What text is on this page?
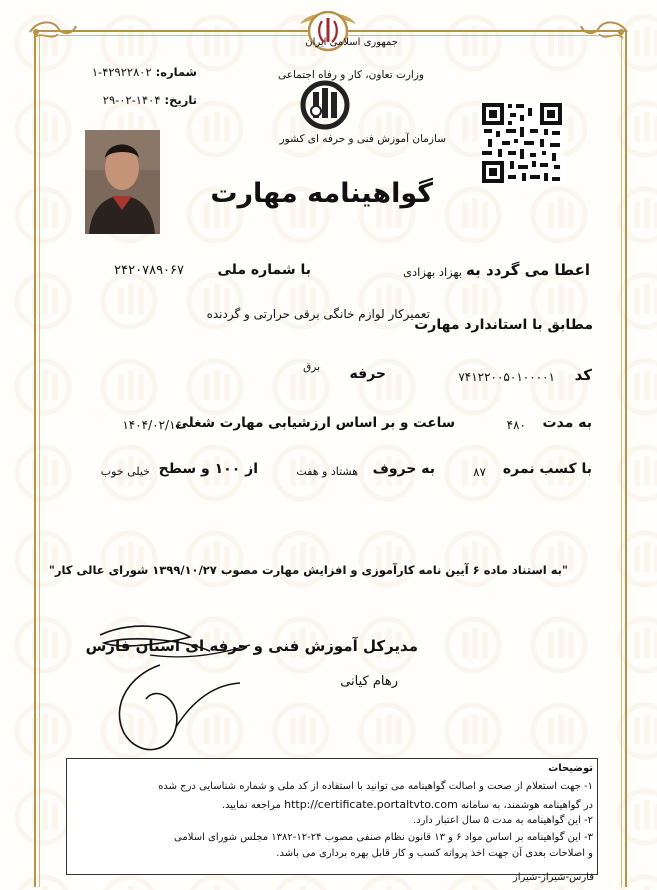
جمهوری اسلامی ایران
وزارت تعاون، کار و رفاه اجتماعی
شماره: ۴۲۹۲۲۸۰۲-۱
تاریخ: ۱۴۰۴-۰۲-۲۹
سازمان آموزش فنی و حرفه ای کشور
گواهینامه مهارت
اعطا می گردد به
بهزاد بهزادی
با شماره ملی
۲۴۲۰۷۸۹۰۶۷
تعمیرکار لوازم خانگی برقی حرارتی و گردنده
مطابق با استاندارد مهارت
کد
۷۴۱۲۲۰۰۵۰۱۰۰۰۰۱
برق	حرفه
به مدت
۴۸۰
ساعت و بر اساس ارزشیابی مهارت شغلی
۱۴۰۴/۰۲/۱۶
با کسب نمره
۸۷
به حروف
هشتاد و هفت
از ۱۰۰ و سطح
خیلی خوب
"به استناد ماده ۶ آیین نامه کارآموزی و افزایش مهارت مصوب ۱۳۹۹/۱۰/۲۷ شورای عالی کار"
مدیرکل آموزش فنی و حرفه ای استان فارس
رهام کیانی
توضیحات
۱- جهت استعلام از صحت و اصالت گواهینامه می توانید با استفاده از کد ملی و شماره شناسایی درج شده
در گواهینامه هوشمند، به سامانه http://certificate.portaltvto.com مراجعه نمایید.
۲- این گواهینامه به مدت ۵ سال اعتبار دارد.
۳- این گواهینامه بر اساس مواد ۶ و ۱۳ قانون نظام صنفی مصوب ۲۴-۱۲-۱۳۸۲ مجلس شورای اسلامی
و اصلاحات بعدی آن جهت اخذ پروانه کسب و کار قابل بهره برداری می باشد.
فارس-شیراز-شیراز
